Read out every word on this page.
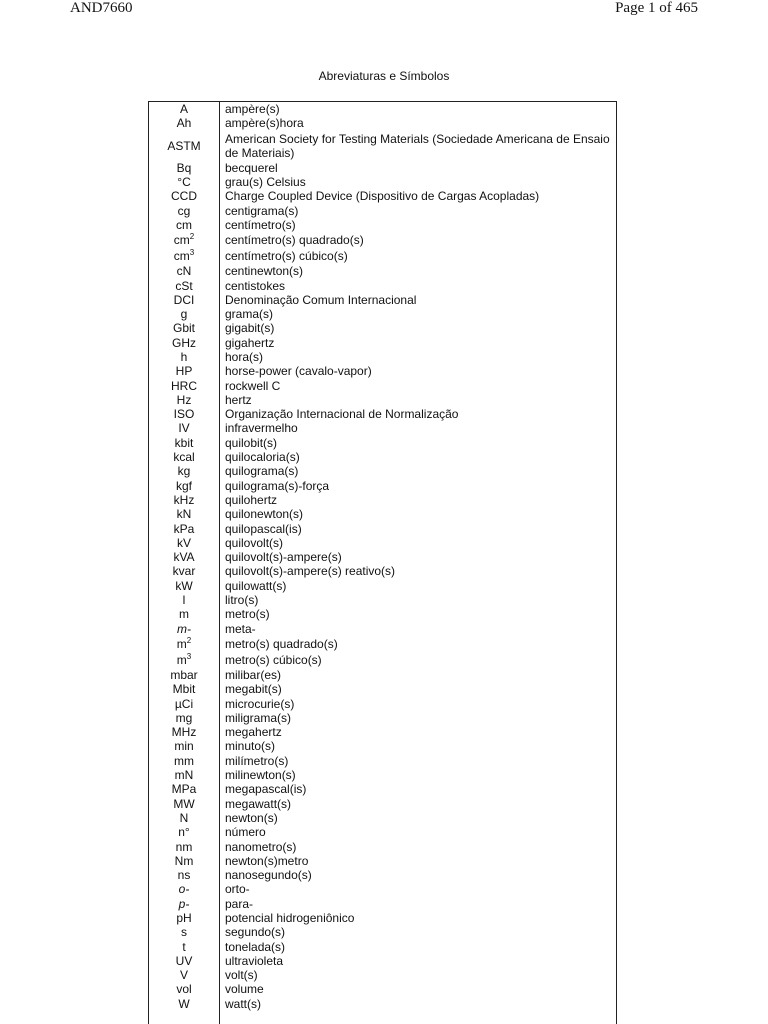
AND7660	Page 1 of 465
Abreviaturas e Símbolos
A	ampère(s)
Ah	ampère(s)hora
ASTM	American Society for Testing Materials (Sociedade Americana de Ensaio de Materiais)
Bq	becquerel
°C	grau(s) Celsius
CCD	Charge Coupled Device (Dispositivo de Cargas Acopladas)
cg	centigrama(s)
cm	centímetro(s)
$cm^2$	centímetro(s) quadrado(s)
$cm^3$	centímetro(s) cúbico(s)
cN	centinewton(s)
cSt	centistokes
DCI	Denominação Comum Internacional
g	grama(s)
Gbit	gigabit(s)
GHz	gigahertz
h	hora(s)
HP	horse-power (cavalo-vapor)
HRC	rockwell C
Hz	hertz
ISO	Organização Internacional de Normalização
IV	infravermelho
kbit	quilobit(s)
kcal	quilocaloria(s)
kg	quilograma(s)
kgf	quilograma(s)-força
kHz	quilohertz
kN	quilonewton(s)
kPa	quilopascal(is)
kV	quilovolt(s)
kVA	quilovolt(s)-ampere(s)
kvar	quilovolt(s)-ampere(s) reativo(s)
kW	quilowatt(s)
l	litro(s)
m	metro(s)
m-	meta-
$m^2$	metro(s) quadrado(s)
$m^3$	metro(s) cúbico(s)
mbar	milibar(es)
Mbit	megabit(s)
µCi	microcurie(s)
mg	miligrama(s)
MHz	megahertz
min	minuto(s)
mm	milímetro(s)
mN	milinewton(s)
MPa	megapascal(is)
MW	megawatt(s)
N	newton(s)
n°	número
nm	nanometro(s)
Nm	newton(s)metro
ns	nanosegundo(s)
o-	orto-
p-	para-
pH	potencial hidrogeniônico
s	segundo(s)
t	tonelada(s)
UV	ultravioleta
V	volt(s)
vol	volume
W	watt(s)
